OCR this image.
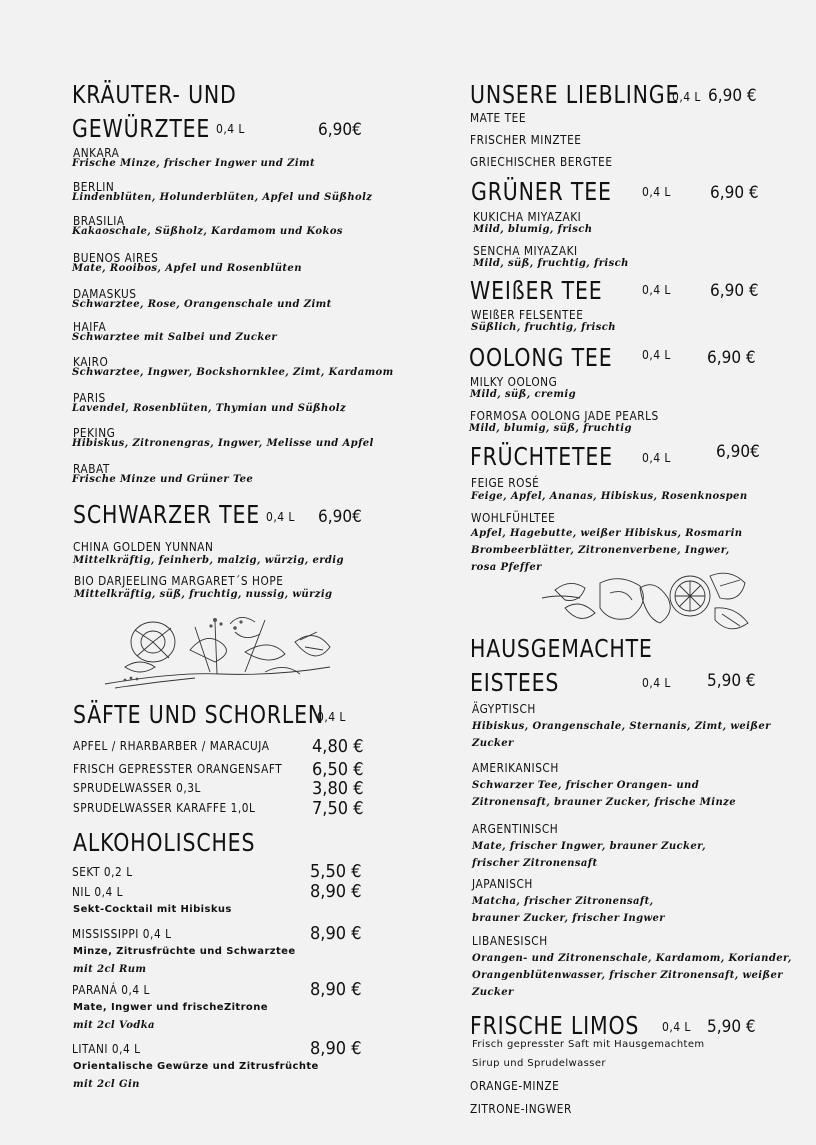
KRÄUTER- UND
GEWÜRZTEE 0,4 L	6,90€
ANKARA
Frische Minze, frischer Ingwer und Zimt
BERLIN
Lindenblüten, Holunderblüten, Apfel und Süßholz
BRASILIA
Kakaoschale, Süßholz, Kardamom und Kokos
BUENOS AIRES
Mate, Rooibos, Apfel und Rosenblüten
DAMASKUS
Schwarztee, Rose, Orangenschale und Zimt
HAIFA
Schwarztee mit Salbei und Zucker
KAIRO
Schwarztee, Ingwer, Bockshornklee, Zimt, Kardamom
PARIS
Lavendel, Rosenblüten, Thymian und Süßholz
PEKING
Hibiskus, Zitronengras, Ingwer, Melisse und Apfel
RABAT
Frische Minze und Grüner Tee
SCHWARZER TEE 0,4 L 6,90€
CHINA GOLDEN YUNNAN
Mittelkräftig, feinherb, malzig, würzig, erdig
BIO DARJEELING MARGARET´S HOPE
Mittelkräftig, süß, fruchtig, nussig, würzig
SÄFTE UND SCHORLEN
0,4 L
APFEL / RHARBARBER / MARACUJA 4,80 €
FRISCH GEPRESSTER ORANGENSAFT 6,50 €
SPRUDELWASSER 0,3L	3,80 €
SPRUDELWASSER KARAFFE 1,0L	7,50 €
ALKOHOLISCHES
SEKT 0,2 L	5,50 €
NIL 0,4 L	8,90 €
Sekt-Cocktail mit Hibiskus
MISSISSIPPI 0,4 L	8,90 €
Minze, Zitrusfrüchte und Schwarztee
mit 2cl Rum
PARANÁ 0,4 L	8,90 €
Mate, Ingwer und frischeZitrone
mit 2cl Vodka
LITANI 0,4 L	8,90 €
Orientalische Gewürze und Zitrusfrüchte
mit 2cl Gin
UNSERE LIEBLINGE
0,4 L 6,90 €
MATE TEE
FRISCHER MINZTEE
GRIECHISCHER BERGTEE
GRÜNER TEE	0,4 L 6,90 €
KUKICHA MIYAZAKI
Mild, blumig, frisch
SENCHA MIYAZAKI
Mild, süß, fruchtig, frisch
WEIßER TEE	0,4 L 6,90 €
WEIßER FELSENTEE
Süßlich, fruchtig, frisch
OOLONG TEE 0,4 L 6,90 €
MILKY OOLONG
Mild, süß, cremig
FORMOSA OOLONG JADE PEARLS
Mild, blumig, süß, fruchtig
FRÜCHTETEE 0,4 L	6,90€
FEIGE ROSÉ
Feige, Apfel, Ananas, Hibiskus, Rosenknospen
WOHLFÜHLTEE
Apfel, Hagebutte, weißer Hibiskus, Rosmarin
Brombeerblätter, Zitronenverbene, Ingwer,
rosa Pfeffer
HAUSGEMACHTE
EISTEES	0,4 L 5,90 €
ÄGYPTISCH
Hibiskus, Orangenschale, Sternanis, Zimt, weißer
Zucker
AMERIKANISCH
Schwarzer Tee, frischer Orangen- und
Zitronensaft, brauner Zucker, frische Minze
ARGENTINISCH
Mate, frischer Ingwer, brauner Zucker,
frischer Zitronensaft
JAPANISCH
Matcha, frischer Zitronensaft,
brauner Zucker, frischer Ingwer
LIBANESISCH
Orangen- und Zitronenschale, Kardamom, Koriander,
Orangenblütenwasser, frischer Zitronensaft, weißer
Zucker
FRISCHE LIMOS 0,4 L 5,90 €
Frisch gepresster Saft mit Hausgemachtem
Sirup und Sprudelwasser
ORANGE-MINZE
ZITRONE-INGWER
